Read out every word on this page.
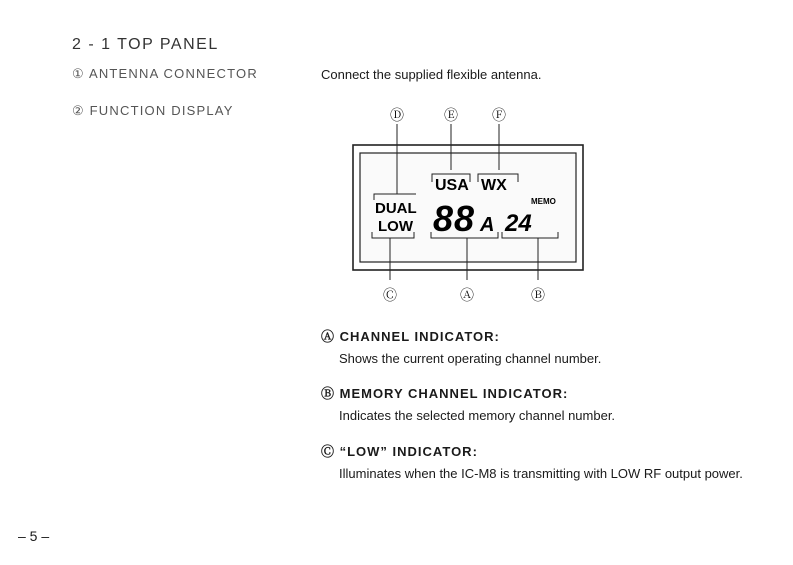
2 - 1 TOP PANEL
① ANTENNA CONNECTOR
② FUNCTION DISPLAY
Connect the supplied flexible antenna.
Ⓓ	Ⓔ Ⓕ
Ⓒ	Ⓐ	Ⓑ
USA WX
MEMO
DUAL
LOW 88 A 24
Ⓐ CHANNEL INDICATOR:
Shows the current operating channel number.
Ⓑ MEMORY CHANNEL INDICATOR:
Indicates the selected memory channel number.
Ⓒ “LOW” INDICATOR:
Illuminates when the IC-M8 is transmitting with LOW RF output power.
– 5 –
